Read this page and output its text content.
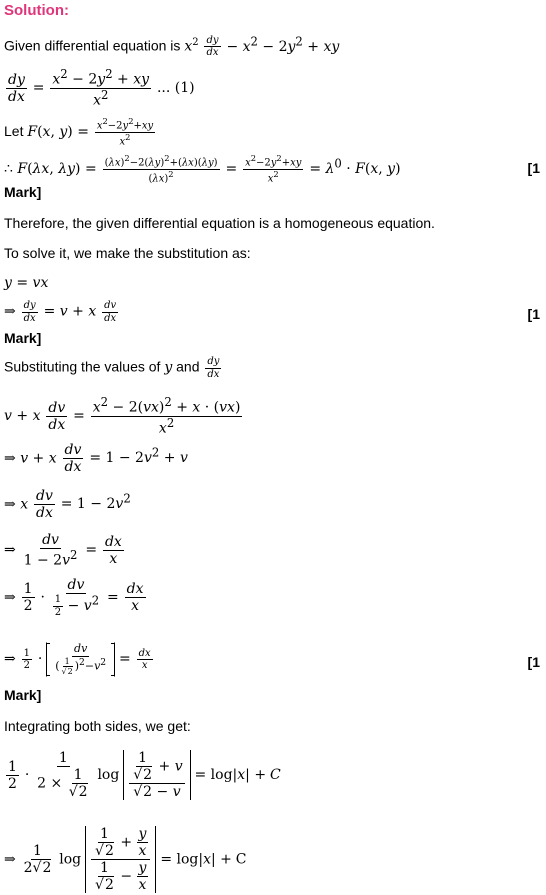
Solution:
Given differential equation is $x^2 \frac{dy}{dx} - x^2 - 2y^2$ + xy
$\frac{dy}{dx} = \frac{x^2 - 2y^2 + xy}{x^2}$ ... (1)
Let F(x, $y) = \frac{x^2-2y^2+xy}{x^2}$
∴ F(λx, $\lambda y) = \frac{(\lambda x)^2-2(\lambda y)^2+(\lambda x)(\lambda y)}{(\lambda x)^2} = \frac{x^2-2y^2+xy}{x^2} = \lambda^0 \cdot F(x$, y)	[1
Mark]
Therefore, the given differential equation is a homogeneous equation.
To solve it, we make the substitution as:
y = vx
⇒ $\frac{dy}{dx} = v + x \frac{dv}{dx}$	[1
Mark]
Substituting the values of y and $\frac{dy}{dx}$
v + x $\frac{dv}{dx} = \frac{x^2 - 2(vx)^2 + x \cdot (vx)}{x^2}$
⇒ v + x $\frac{dv}{dx} = 1 - 2v^2 + v$
⇒ x $\frac{dv}{dx} = 1 - 2v^2$
⇒ $\frac{dv}{1 - 2v^2} = \frac{dx}{x}$
⇒ $\frac{1}{2} \cdot \frac{dv}{\frac{1}{2} - v^2} = \frac{dx}{x}$
⇒ $\frac{1}{2} \cdot \frac{dv}{( \frac{1}{√2} )^2-v^2} = \frac{dx}{x}$	[1
Mark]
Integrating both sides, we get:
$\frac{1}{2} \cdot \frac{1}{2 \times \frac{1}{√2}}$ $\log \frac{\frac{1}{√2} + v}{√2 - v} = \log|x| + C$
⇒ $\frac{1}{2√2}$ $\log \frac{\frac{1}{√2} + \frac{y}{x}}{\frac{1}{√2} - \frac{y}{x}} = \log|x| + C$
